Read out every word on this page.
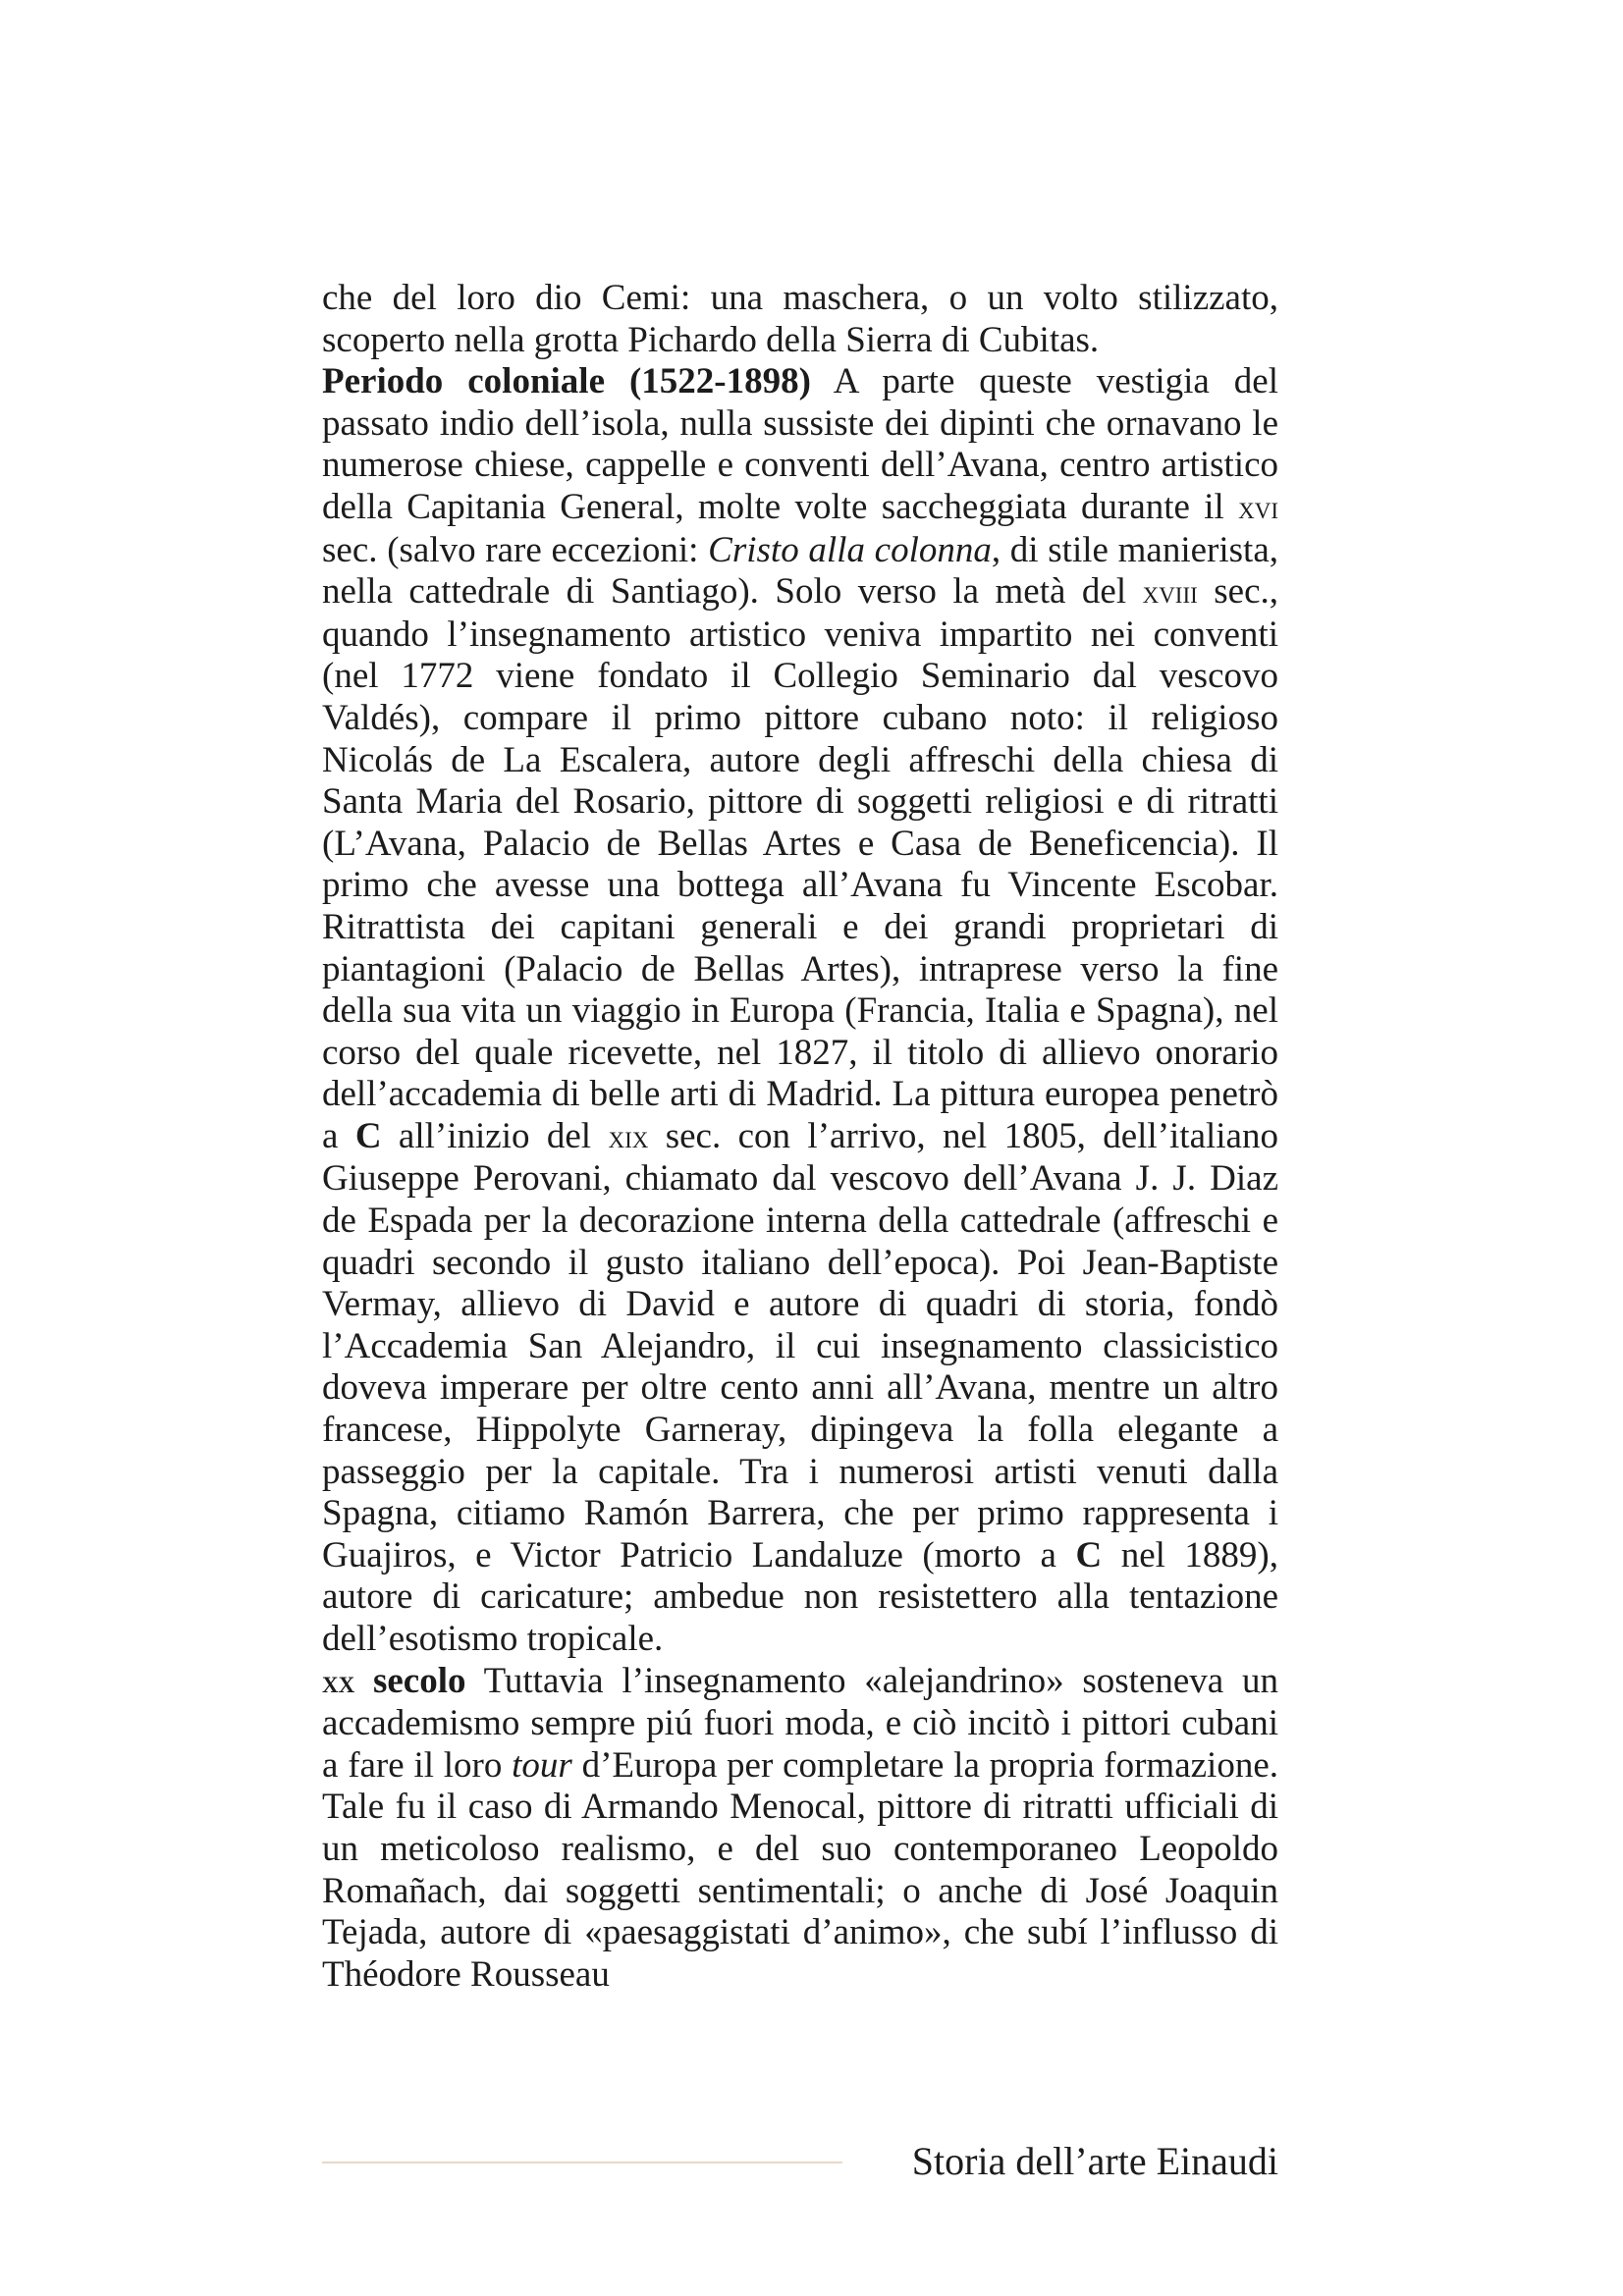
che del loro dio Cemi: una maschera, o un volto stilizzato, scoperto nella grotta Pichardo della Sierra di Cubitas.

Periodo coloniale (1522-1898) A parte queste vestigia del passato indio dell’isola, nulla sussiste dei dipinti che ornavano le numerose chiese, cappelle e conventi dell’Avana, centro artistico della Capitania General, molte volte saccheggiata durante il xvi sec. (salvo rare eccezioni: Cristo alla colonna, di stile manierista, nella cattedrale di Santiago). Solo verso la metà del xviii sec., quando l’insegnamento artistico veniva impartito nei conventi (nel 1772 viene fondato il Collegio Seminario dal vescovo Valdés), compare il primo pittore cubano noto: il religioso Nicolás de La Escalera, autore degli affreschi della chiesa di Santa Maria del Rosario, pittore di soggetti religiosi e di ritratti (L’Avana, Palacio de Bellas Artes e Casa de Beneficencia). Il primo che avesse una bottega all’Avana fu Vincente Escobar. Ritrattista dei capitani generali e dei grandi proprietari di piantagioni (Palacio de Bellas Artes), intraprese verso la fine della sua vita un viaggio in Europa (Francia, Italia e Spagna), nel corso del quale ricevette, nel 1827, il titolo di allievo onorario dell’accademia di belle arti di Madrid. La pittura europea penetrò a C all’inizio del xix sec. con l’arrivo, nel 1805, dell’italiano Giuseppe Perovani, chiamato dal vescovo dell’Avana J. J. Diaz de Espada per la decorazione interna della cattedrale (affreschi e quadri secondo il gusto italiano dell’epoca). Poi Jean-Baptiste Vermay, allievo di David e autore di quadri di storia, fondò l’Accademia San Alejandro, il cui insegnamento classicistico doveva imperare per oltre cento anni all’Avana, mentre un altro francese, Hippolyte Garneray, dipingeva la folla elegante a passeggio per la capitale. Tra i numerosi artisti venuti dalla Spagna, citiamo Ramón Barrera, che per primo rappresenta i Guajiros, e Victor Patricio Landaluze (morto a C nel 1889), autore di caricature; ambedue non resistettero alla tentazione dell’esotismo tropicale.

xx secolo Tuttavia l’insegnamento «alejandrino» sosteneva un accademismo sempre piú fuori moda, e ciò incitò i pittori cubani a fare il loro tour d’Europa per completare la propria formazione. Tale fu il caso di Armando Menocal, pittore di ritratti ufficiali di un meticoloso realismo, e del suo contemporaneo Leopoldo Romañach, dai soggetti sentimentali; o anche di José Joaquin Tejada, autore di «paesaggistati d’animo», che subí l’influsso di Théodore Rousseau

Storia dell’arte Einaudi
